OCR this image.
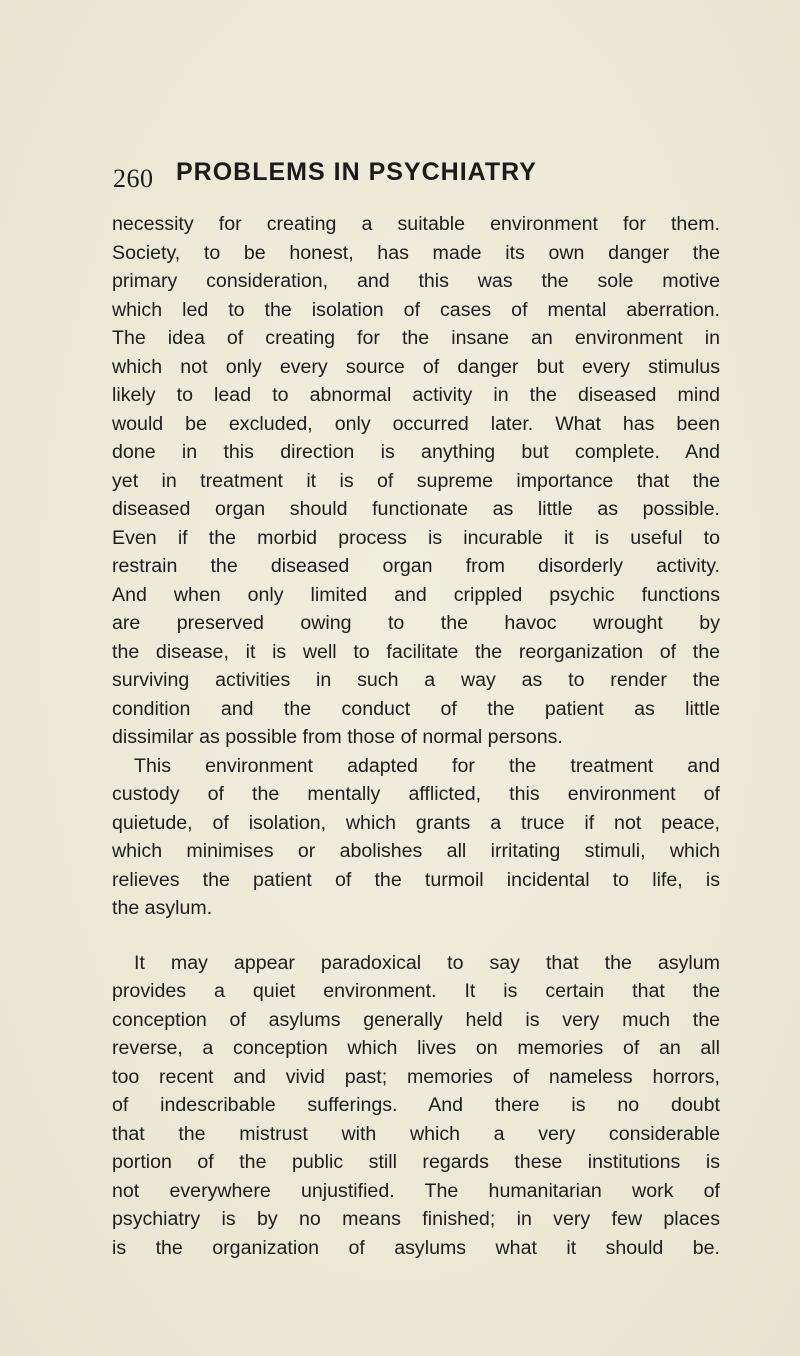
260 PROBLEMS IN PSYCHIATRY
necessity for creating a suitable environment for them.
Society, to be honest, has made its own danger the
primary consideration, and this was the sole motive
which led to the isolation of cases of mental aberration.
The idea of creating for the insane an environment in
which not only every source of danger but every stimulus
likely to lead to abnormal activity in the diseased mind
would be excluded, only occurred later. What has been
done in this direction is anything but complete. And
yet in treatment it is of supreme importance that the
diseased organ should functionate as little as possible.
Even if the morbid process is incurable it is useful to
restrain the diseased organ from disorderly activity.
And when only limited and crippled psychic functions
are preserved owing to the havoc wrought by
the disease, it is well to facilitate the reorganization of the
surviving activities in such a way as to render the
condition and the conduct of the patient as little
dissimilar as possible from those of normal persons.
This environment adapted for the treatment and
custody of the mentally afflicted, this environment of
quietude, of isolation, which grants a truce if not peace,
which minimises or abolishes all irritating stimuli, which
relieves the patient of the turmoil incidental to life, is
the asylum.
It may appear paradoxical to say that the asylum
provides a quiet environment. It is certain that the
conception of asylums generally held is very much the
reverse, a conception which lives on memories of an all
too recent and vivid past; memories of nameless horrors,
of indescribable sufferings. And there is no doubt
that the mistrust with which a very considerable
portion of the public still regards these institutions is
not everywhere unjustified. The humanitarian work of
psychiatry is by no means finished; in very few places
is the organization of asylums what it should be.
